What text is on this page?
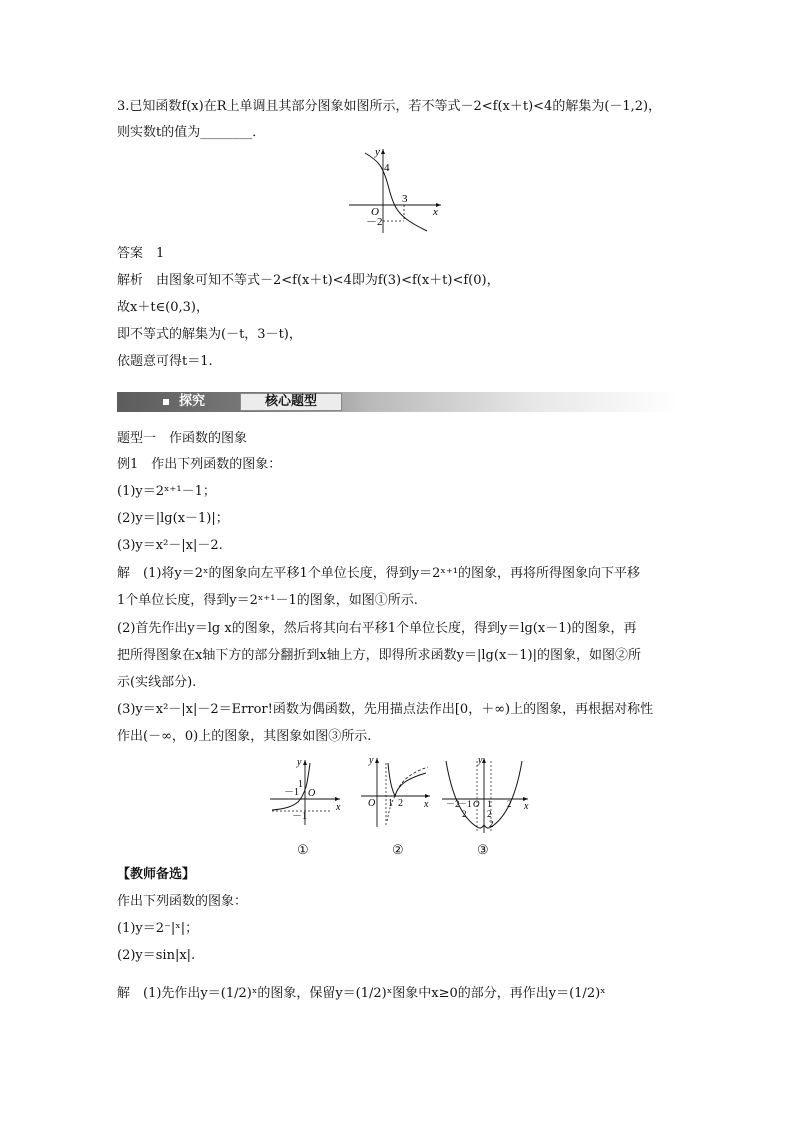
3.已知函数f(x)在R上单调且其部分图象如图所示，若不等式－2<f(x＋t)<4的解集为(－1,2)，
则实数t的值为________．
y
x
O
4
－2
3
答案　1
解析　由图象可知不等式－2<f(x＋t)<4即为f(3)<f(x＋t)<f(0)，
故x＋t∈(0,3)，
即不等式的解集为(－t，3－t)，
依题意可得t＝1.
探究	核心题型
题型一　作函数的图象
例1　作出下列函数的图象：
(1)y＝2ˣ⁺¹－1；
(2)y＝|lg(x－1)|；
(3)y＝x²－|x|－2.
解　(1)将y＝2ˣ的图象向左平移1个单位长度，得到y＝2ˣ⁺¹的图象，再将所得图象向下平移
1个单位长度，得到y＝2ˣ⁺¹－1的图象，如图①所示.
(2)首先作出y＝lg x的图象，然后将其向右平移1个单位长度，得到y＝lg(x－1)的图象，再
把所得图象在x轴下方的部分翻折到x轴上方，即得所求函数y＝|lg(x－1)|的图象，如图②所
示(实线部分).
(3)y＝x²－|x|－2＝Error!函数为偶函数，先用描点法作出[0，＋∞)上的图象，再根据对称性
作出(－∞，0)上的图象，其图象如图③所示.
y
x
O
1
－1
－1
y
x
O 1 2
y
x
O
－2
－1 1 2
2 2
2
①	②	③
【教师备选】
作出下列函数的图象：
(1)y＝2⁻|ˣ|；
(2)y＝sin|x|.
解　(1)先作出y＝(1/2)ˣ的图象，保留y＝(1/2)ˣ图象中x≥0的部分，再作出y＝(1/2)ˣ
